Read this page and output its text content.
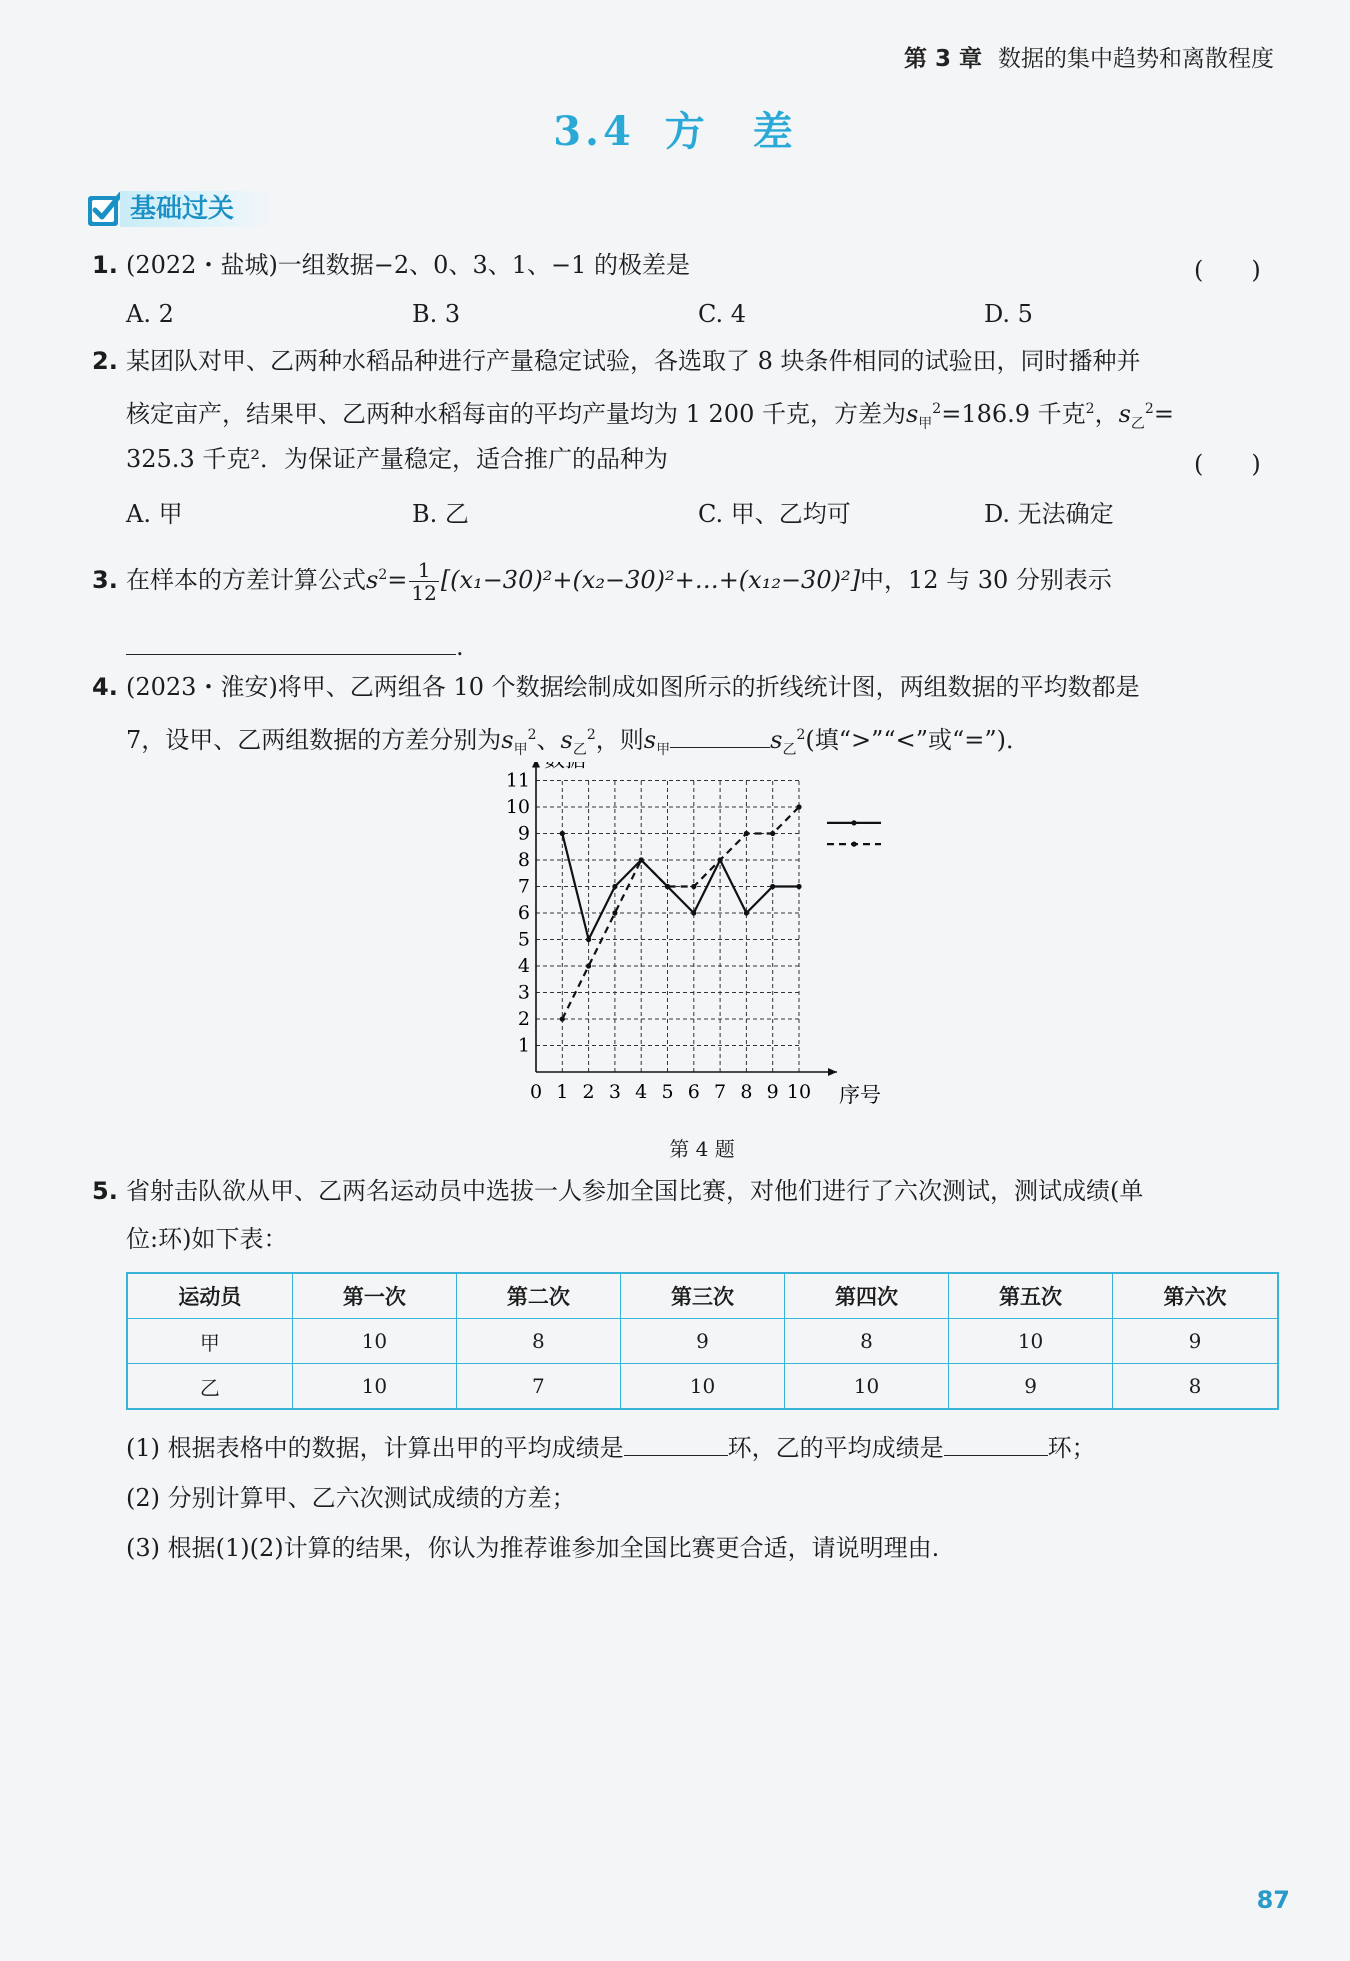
第 3 章 数据的集中趋势和离散程度
3.4 方　差
基础过关
1. (2022・盐城)一组数据−2、0、3、1、−1 的极差是	(　　)
A. 2	B. 3	C. 4	D. 5
2. 某团队对甲、乙两种水稻品种进行产量稳定试验，各选取了 8 块条件相同的试验田，同时播种并
核定亩产，结果甲、乙两种水稻每亩的平均产量均为 1 200 千克，方差为$s_甲^2=186.9$ 千克$^2$，$s_乙^2=$
325.3 千克²．为保证产量稳定，适合推广的品种为	(　　)
A. 甲	B. 乙	C. 甲、乙均可	D. 无法确定
3. 在样本的方差计算公式$s^2= \frac{1}{12}$ [(x₁−30)²+(x₂−30)²+…+(x₁₂−30)²]中，12 与 30 分别表示
.
4. (2023・淮安)将甲、乙两组各 10 个数据绘制成如图所示的折线统计图，两组数据的平均数都是
7，设甲、乙两组数据的方差分别为$s_甲^2$、$s_乙^2$，则$s_甲$	$s_乙^2$(填“>”“<”或“=”)．
0 1 2 3 4 5 6 7 8 9 10
1
2
3
4
5
6
7
8
9
10
11
序号
第 4 题
5. 省射击队欲从甲、乙两名运动员中选拔一人参加全国比赛，对他们进行了六次测试，测试成绩(单
位:环)如下表：
运动员	第一次	第二次	第三次	第四次	第五次	第六次
甲	10	8	9	8	10	9
乙	10	7	10	10	9	8
(1) 根据表格中的数据，计算出甲的平均成绩是	环，乙的平均成绩是	环；
(2) 分别计算甲、乙六次测试成绩的方差；
(3) 根据(1)(2)计算的结果，你认为推荐谁参加全国比赛更合适，请说明理由.
87
